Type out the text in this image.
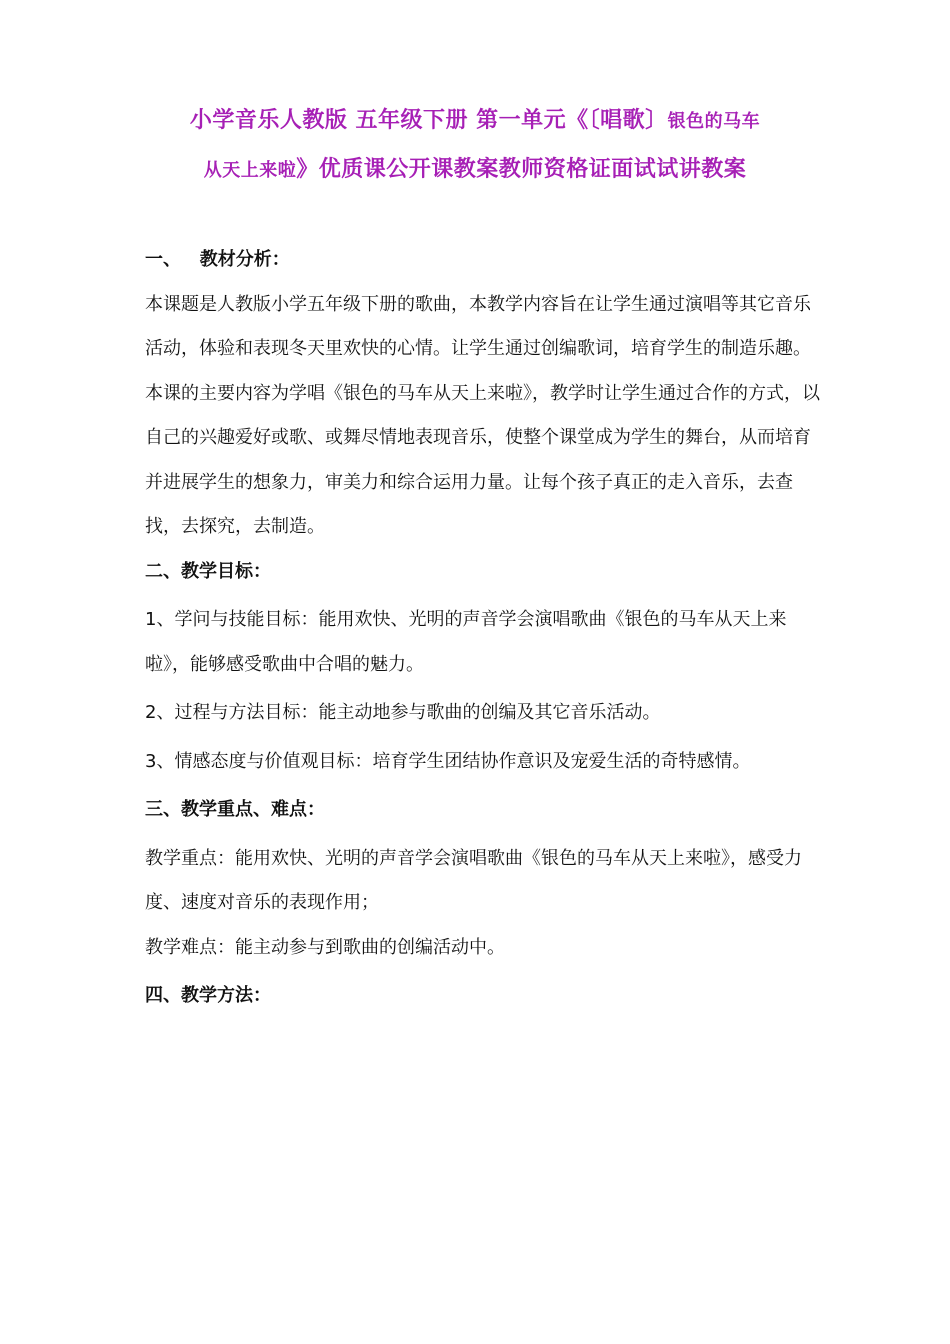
小学音乐人教版 五年级下册 第一单元《〔唱歌〕银色的马车
从天上来啦》优质课公开课教案教师资格证面试试讲教案

一、   教材分析：

本课题是人教版小学五年级下册的歌曲，本教学内容旨在让学生通过演唱等其它音乐活动，体验和表现冬天里欢快的心情。让学生通过创编歌词，培育学生的制造乐趣。

本课的主要内容为学唱《银色的马车从天上来啦》，教学时让学生通过合作的方式，以自己的兴趣爱好或歌、或舞尽情地表现音乐，使整个课堂成为学生的舞台，从而培育并进展学生的想象力，审美力和综合运用力量。让每个孩子真正的走入音乐，去查找，去探究，去制造。

二、教学目标：

1、学问与技能目标：能用欢快、光明的声音学会演唱歌曲《银色的马车从天上来啦》，能够感受歌曲中合唱的魅力。

2、过程与方法目标：能主动地参与歌曲的创编及其它音乐活动。

3、情感态度与价值观目标：培育学生团结协作意识及宠爱生活的奇特感情。

三、教学重点、难点：

教学重点：能用欢快、光明的声音学会演唱歌曲《银色的马车从天上来啦》，感受力度、速度对音乐的表现作用；

教学难点：能主动参与到歌曲的创编活动中。

四、教学方法：
